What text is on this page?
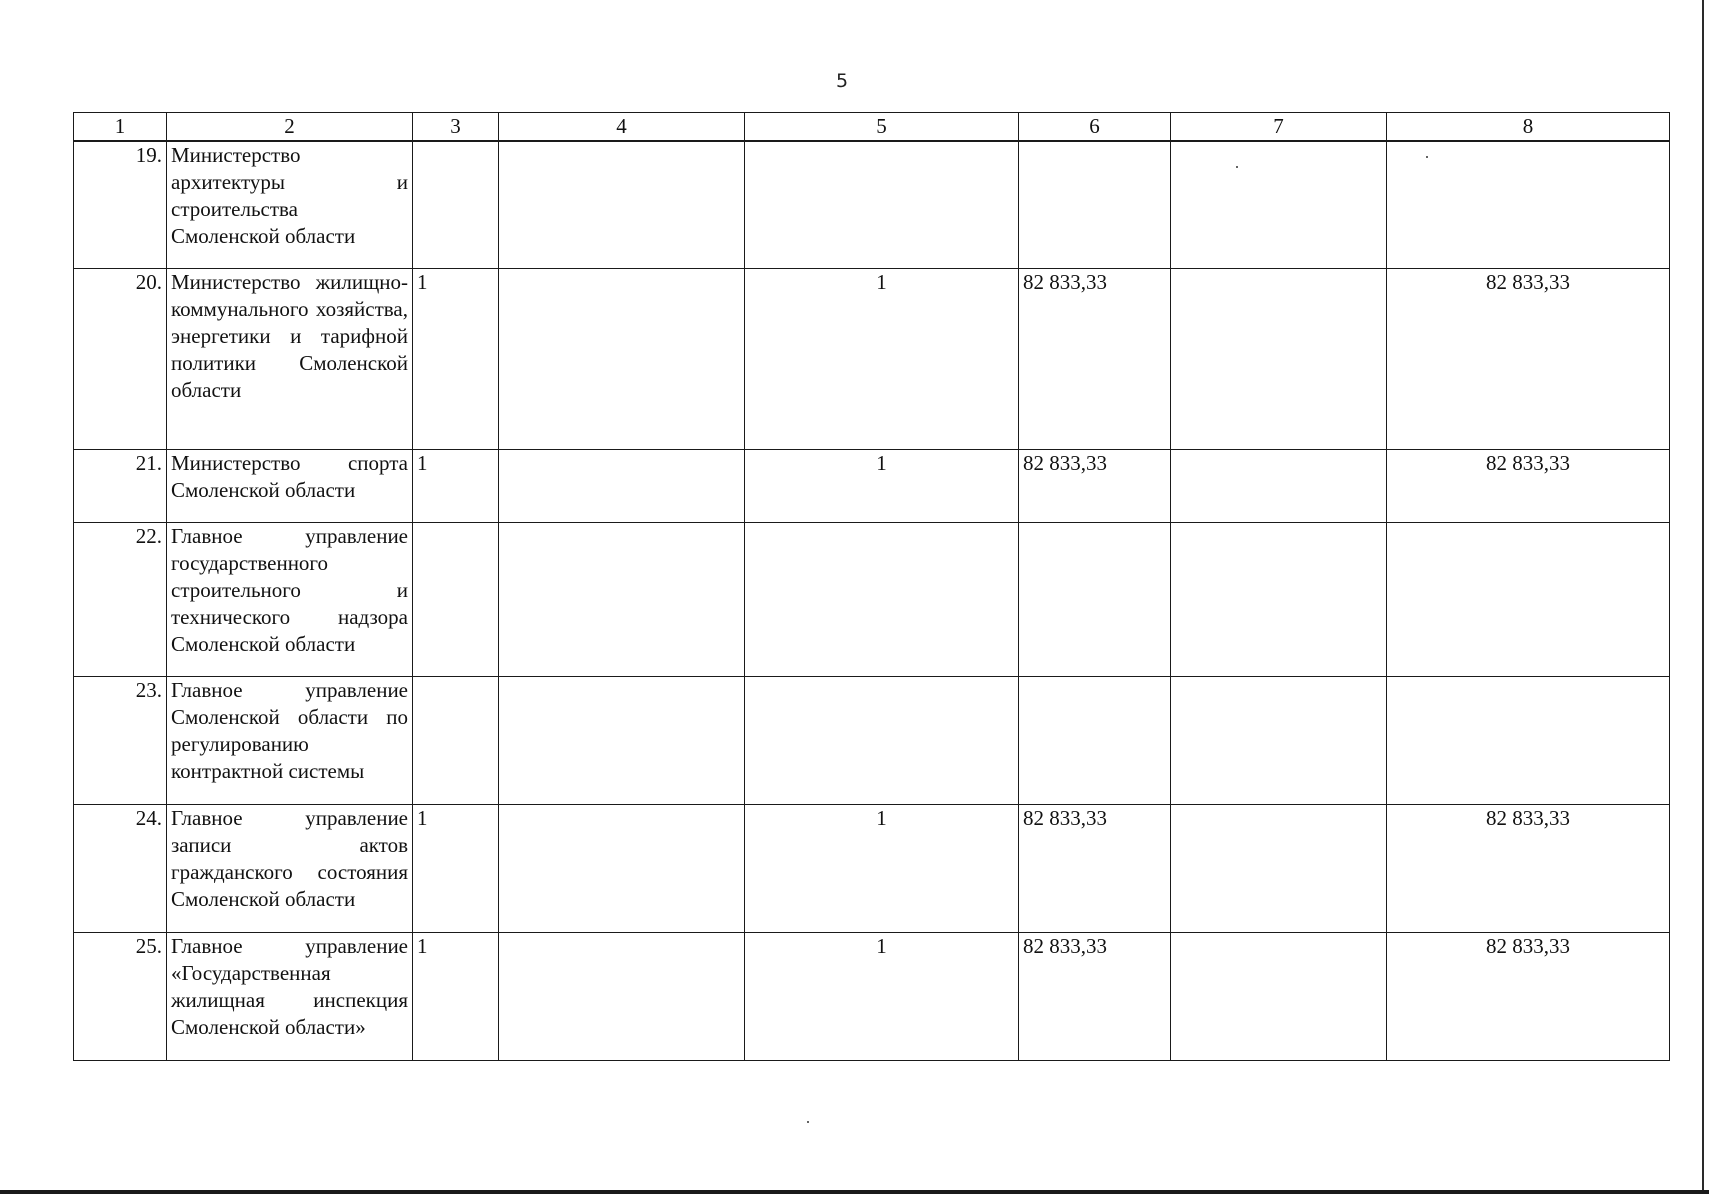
5
1	2	3	4	5	6	7	8
19.	Министерство архитектуры и строительства Смоленской области						
20.	Министерство жилищно-коммунального хозяйства, энергетики и тарифной политики Смоленской области	1		1	82 833,33		82 833,33
21.	Министерство спорта Смоленской области	1		1	82 833,33		82 833,33
22.	Главное управление государственного строительного и технического надзора Смоленской области						
23.	Главное управление Смоленской области по регулированию контрактной системы						
24.	Главное управление записи актов гражданского состояния Смоленской области	1		1	82 833,33		82 833,33
25.	Главное управление «Государственная жилищная инспекция Смоленской области»	1		1	82 833,33		82 833,33
